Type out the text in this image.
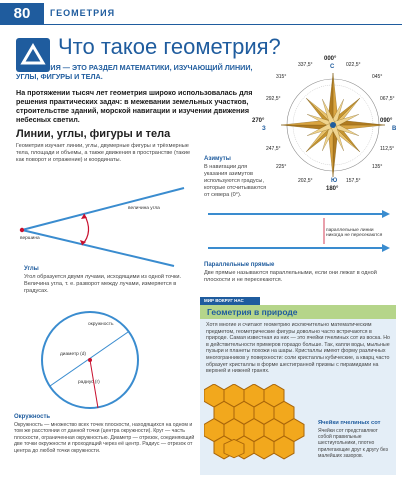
80	ГЕОМЕТРИЯ
Что такое геометрия?
ГЕОМЕТРИЯ — ЭТО РАЗДЕЛ МАТЕМАТИКИ, ИЗУЧАЮЩИЙ ЛИНИИ, УГЛЫ, ФИГУРЫ И ТЕЛА.
На протяжении тысяч лет геометрия широко использовалась для решения практических задач: в межевании земельных участков, строительстве зданий, морской навигации и изучении движения небесных светил.
000°
С
180°
Ю
270°
З
090°
В
315°	045°
225°	135°
337,5°	022,5°
292,5°	067,5°
247,5°	112,5°
202,5°	157,5°
Азимуты
В навигации для указания азимутов используются градусы, которые отсчитываются от севера (0°).
Линии, углы, фигуры и тела
Геометрия изучает линии, углы, двумерные фигуры и трёхмерные тела, площади и объемы, а также движения в пространстве (такие как поворот и отражение) и координаты.
величина угла
вершина
Углы
Угол образуется двумя лучами, исходящими из одной точки. Величина угла, т. е. разворот между лучами, измеряется в градусах.
параллельные линии никогда не пересекаются
Параллельные прямые
Две прямые называются параллельными, если они лежат в одной плоскости и не пересекаются.
окружность
диаметр (d)
радиус (r)
Окружность
Окружность — множество всех точек плоскости, находящихся на одном и том же расстоянии от данной точки (центра окружности). Круг — часть плоскости, ограниченная окружностью. Диаметр — отрезок, соединяющий две точки окружности и проходящий через её центр. Радиус — отрезок от центра до любой точки окружности.
МИР ВОКРУГ НАС
Геометрия в природе
Хотя многие и считают геометрию исключительно математическим предметом, геометрические фигуры довольно часто встречаются в природе. Самая известная из них — это ячейки пчелиных сот из воска. Но в действительности примеров гораздо больше. Так, капли воды, мыльные пузыри и планеты похожи на шары. Кристаллы имеют форму различных многогранников у поверхности: соли кристаллы кубические, а кварц часто образует кристаллы в форме шестигранной призмы с пирамидами на верхней и нижней гранях.
Ячейки пчелиных сот
Ячейки сот представляют собой правильные шестиугольники, плотно прилегающие друг к другу без малейших зазоров.
